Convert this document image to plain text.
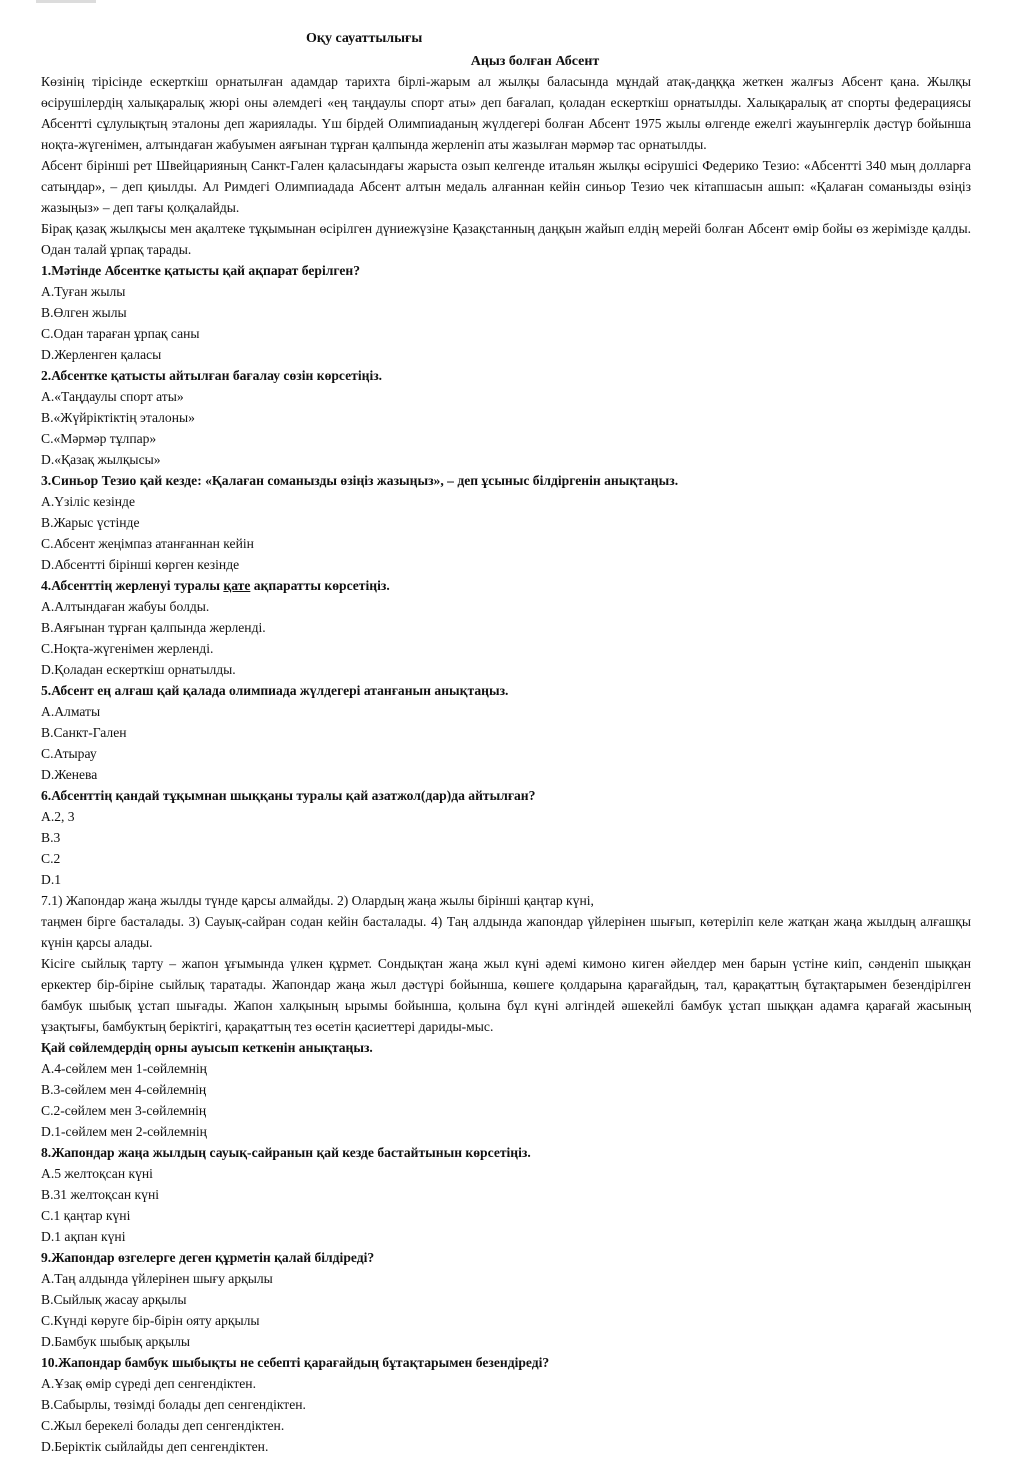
Оқу сауаттылығы
Аңыз болған Абсент

Көзінің тірісінде ескерткіш орнатылған адамдар тарихта бірлі-жарым ал жылқы баласында мұндай атақ-даңққа жеткен жалғыз Абсент қана. Жылқы өсірушілердің халықаралық жюрі оны әлемдегі «ең таңдаулы спорт аты» деп бағалап, қоладан ескерткіш орнатылды. Халықаралық ат спорты федерациясы Абсентті сұлулықтың эталоны деп жариялады. Үш бірдей Олимпиаданың жүлдегері болған Абсент 1975 жылы өлгенде ежелгі жауынгерлік дәстүр бойынша ноқта-жүгенімен, алтындаған жабуымен аяғынан тұрған қалпында жерленіп аты жазылған мәрмәр тас орнатылды.

Абсент бірінші рет Швейцарияның Санкт-Гален қаласындағы жарыста озып келгенде итальян жылқы өсірушісі Федерико Тезио: «Абсентті 340 мың долларға сатыңдар», – деп қиылды. Ал Римдегі Олимпиадада Абсент алтын медаль алғаннан кейін синьор Тезио чек кітапшасын ашып: «Қалаған соманызды өзіңіз жазыңыз» – деп тағы қолқалайды.

Бірақ қазақ жылқысы мен ақалтеке тұқымынан өсірілген дүниежүзіне Қазақстанның даңқын жайып елдің мерейі болған Абсент өмір бойы өз жерімізде қалды. Одан талай ұрпақ тарады.

1.Мәтінде Абсентке қатысты қай ақпарат берілген?

A.Туған жылы

B.Өлген жылы

C.Одан тараған ұрпақ саны

D.Жерленген қаласы

2.Абсентке қатысты айтылған бағалау сөзін көрсетіңіз.

A.«Таңдаулы спорт аты»

B.«Жүйріктіктің эталоны»

C.«Мәрмәр тұлпар»

D.«Қазақ жылқысы»

3.Синьор Тезио қай кезде: «Қалаған соманызды өзіңіз жазыңыз», – деп ұсыныс білдіргенін анықтаңыз.

A.Үзіліс кезінде

B.Жарыс үстінде

C.Абсент жеңімпаз атанғаннан кейін

D.Абсентті бірінші көрген кезінде

4.Абсенттің жерленуі туралы қате ақпаратты көрсетіңіз.

A.Алтындаған жабуы болды.

B.Аяғынан тұрған қалпында жерленді.

C.Ноқта-жүгенімен жерленді.

D.Қоладан ескерткіш орнатылды.

5.Абсент ең алғаш қай қалада олимпиада жүлдегері атанғанын анықтаңыз.

A.Алматы

B.Санкт-Гален

C.Атырау

D.Женева

6.Абсенттің қандай тұқымнан шыққаны туралы қай азатжол(дар)да айтылған?

A.2, 3

B.3

C.2

D.1

7.1) Жапондар жаңа жылды түнде қарсы алмайды. 2) Олардың жаңа жылы бірінші қаңтар күні,

таңмен бірге басталады. 3) Сауық-сайран содан кейін басталады. 4) Таң алдында жапондар үйлерінен шығып, көтеріліп келе жатқан жаңа жылдың алғашқы күнін қарсы алады.

Кісіге сыйлық тарту – жапон ұғымында үлкен құрмет. Сондықтан жаңа жыл күні әдемі кимоно киген әйелдер мен барын үстіне киіп, сәнденіп шыққан еркектер бір-біріне сыйлық таратады. Жапондар жаңа жыл дәстүрі бойынша, көшеге қолдарына қарағайдың, тал, қарақаттың бұтақтарымен безендірілген бамбук шыбық ұстап шығады. Жапон халқының ырымы бойынша, қолына бұл күні әлгіндей әшекейлі бамбук ұстап шыққан адамға қарағай жасының ұзақтығы, бамбуктың беріктігі, қарақаттың тез өсетін қасиеттері дариды-мыс.

Қай сөйлемдердің орны ауысып кеткенін анықтаңыз.

A.4-сөйлем мен 1-сөйлемнің

B.3-сөйлем мен 4-сөйлемнің

C.2-сөйлем мен 3-сөйлемнің

D.1-сөйлем мен 2-сөйлемнің

8.Жапондар жаңа жылдың сауық-сайранын қай кезде бастайтынын көрсетіңіз.

A.5 желтоқсан күні

B.31 желтоқсан күні

C.1 қаңтар күні

D.1 ақпан күні

9.Жапондар өзгелерге деген құрметін қалай білдіреді?

A.Таң алдында үйлерінен шығу арқылы

B.Сыйлық жасау арқылы

C.Күнді көруге бір-бірін ояту арқылы

D.Бамбук шыбық арқылы

10.Жапондар бамбук шыбықты не себепті қарағайдың бұтақтарымен безендіреді?

A.Ұзақ өмір сүреді деп сенгендіктен.

B.Сабырлы, төзімді болады деп сенгендіктен.

C.Жыл берекелі болады деп сенгендіктен.

D.Беріктік сыйлайды деп сенгендіктен.
